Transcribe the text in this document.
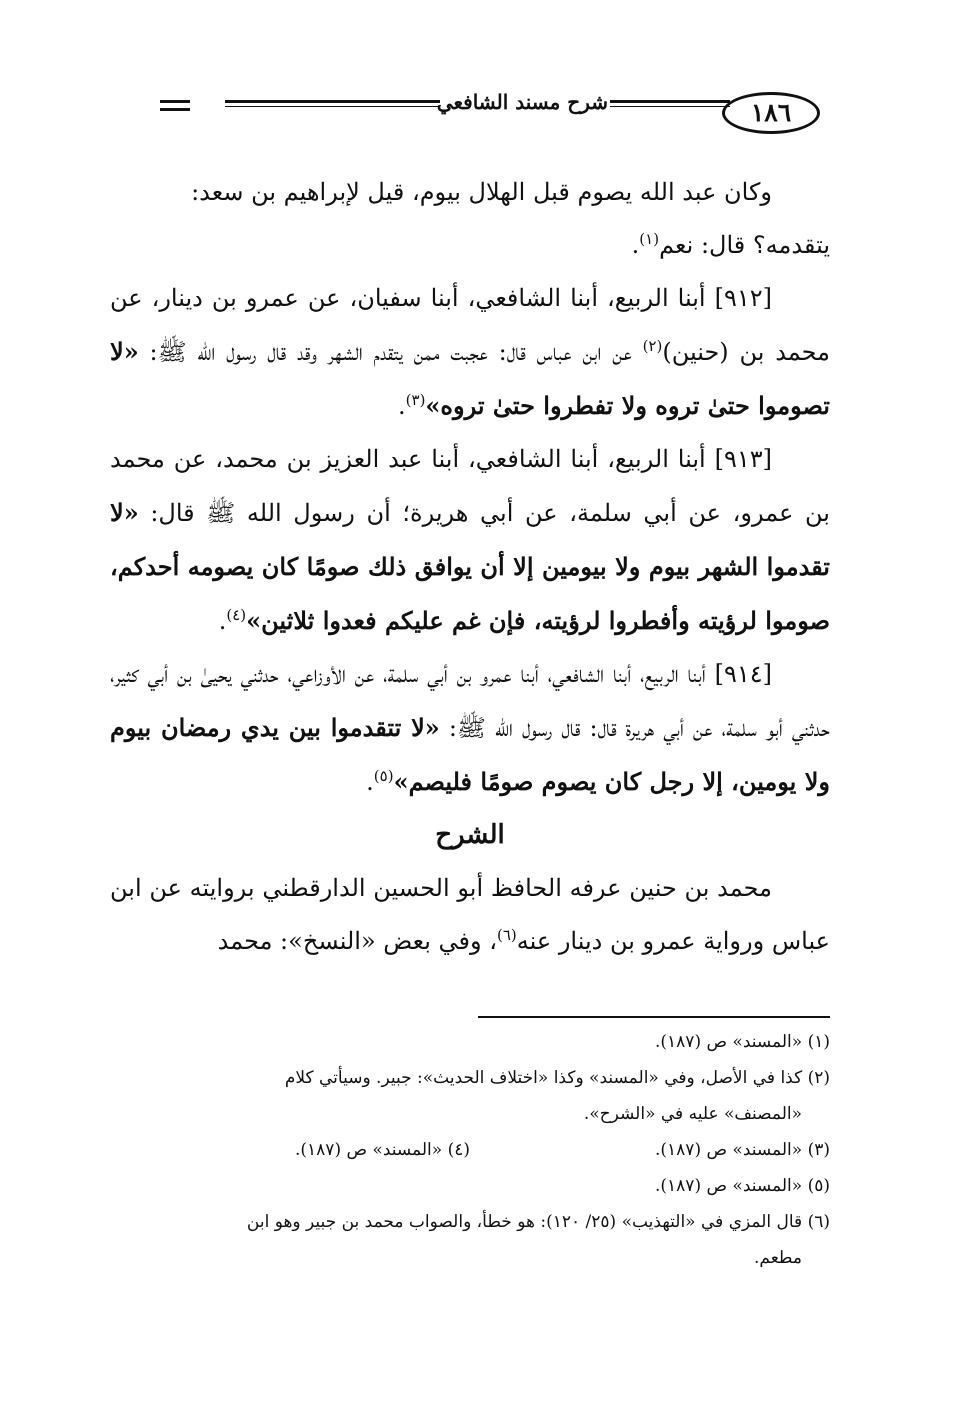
١٨٦
شرح مسند الشافعي

وكان عبد الله يصوم قبل الهلال بيوم، قيل لإبراهيم بن سعد:
يتقدمه؟ قال: نعم$^{(١)}$.

[٩١٢] أبنا الربيع، أبنا الشافعي، أبنا سفيان، عن عمرو بن دينار، عن محمد بن (حنين)$^{(٢)}$ عن ابن عباس قال: عجبت ممن يتقدم الشهر وقد قال رسول الله ﷺ: «لا تصوموا حتىٰ تروه ولا تفطروا حتىٰ تروه»$^{(٣)}$.

[٩١٣] أبنا الربيع، أبنا الشافعي، أبنا عبد العزيز بن محمد، عن محمد بن عمرو، عن أبي سلمة، عن أبي هريرة؛ أن رسول الله ﷺ قال: «لا تقدموا الشهر بيوم ولا بيومين إلا أن يوافق ذلك صومًا كان يصومه أحدكم، صوموا لرؤيته وأفطروا لرؤيته، فإن غم عليكم فعدوا ثلاثين»$^{(٤)}$.

[٩١٤] أبنا الربيع، أبنا الشافعي، أبنا عمرو بن أبي سلمة، عن الأوزاعي، حدثني يحيىٰ بن أبي كثير، حدثني أبو سلمة، عن أبي هريرة قال: قال رسول الله ﷺ: «لا تتقدموا بين يدي رمضان بيوم ولا يومين، إلا رجل كان يصوم صومًا فليصم»$^{(٥)}$.

الشرح

محمد بن حنين عرفه الحافظ أبو الحسين الدارقطني بروايته عن ابن عباس ورواية عمرو بن دينار عنه$^{(٦)}$، وفي بعض «النسخ»: محمد

(١) «المسند» ص (١٨٧).

(٢) كذا في الأصل، وفي «المسند» وكذا «اختلاف الحديث»: جبير. وسيأتي كلام

«المصنف» عليه في «الشرح».

(٣) «المسند» ص (١٨٧).

(٤) «المسند» ص (١٨٧).

(٥) «المسند» ص (١٨٧).

(٦) قال المزي في «التهذيب» (٢٥/ ١٢٠): هو خطأ، والصواب محمد بن جبير وهو ابن

مطعم.
